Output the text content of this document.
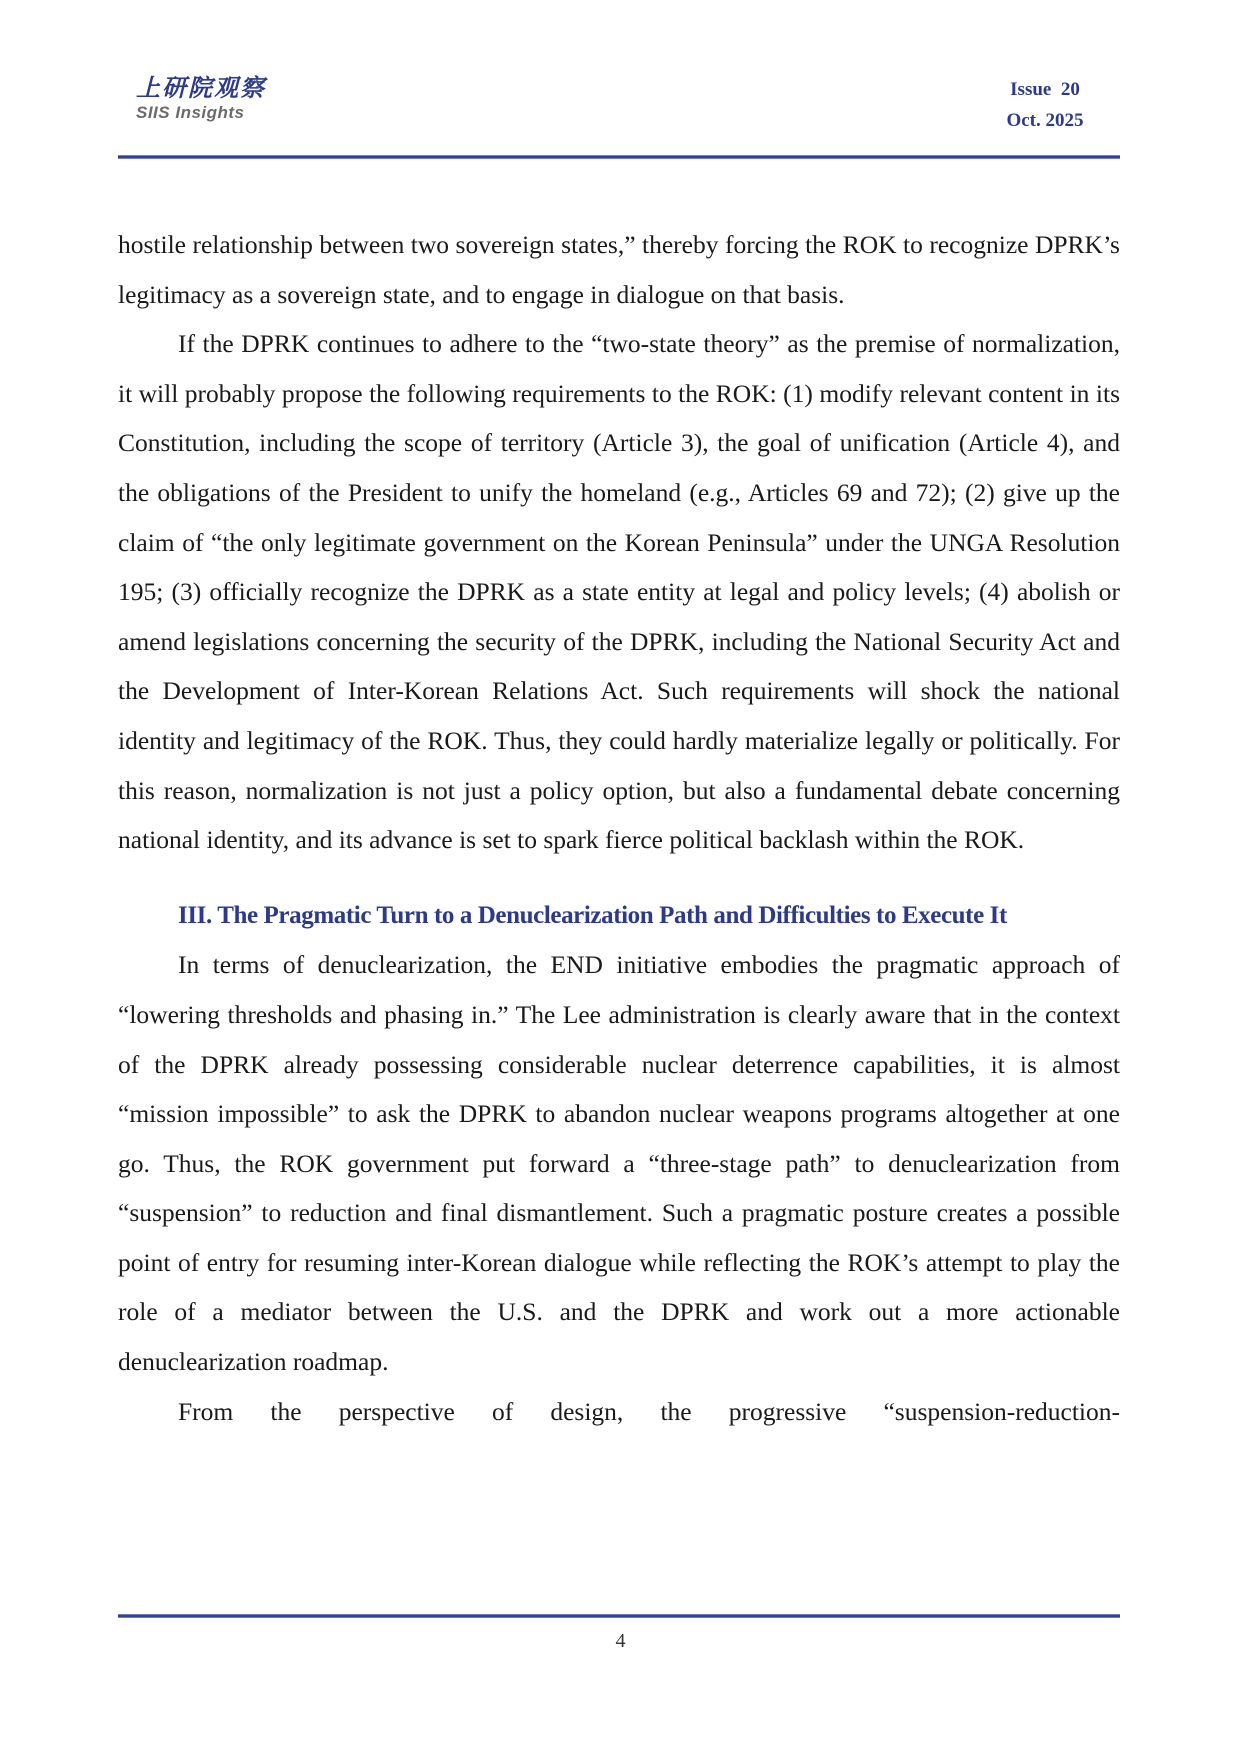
上研院观察
SIIS Insights
Issue  20
Oct. 2025

hostile relationship between two sovereign states,” thereby forcing the ROK to recognize DPRK’s legitimacy as a sovereign state, and to engage in dialogue on that basis.

If the DPRK continues to adhere to the “two-state theory” as the premise of normalization, it will probably propose the following requirements to the ROK: (1) modify relevant content in its Constitution, including the scope of territory (Article 3), the goal of unification (Article 4), and the obligations of the President to unify the homeland (e.g., Articles 69 and 72); (2) give up the claim of “the only legitimate government on the Korean Peninsula” under the UNGA Resolution 195; (3) officially recognize the DPRK as a state entity at legal and policy levels; (4) abolish or amend legislations concerning the security of the DPRK, including the National Security Act and the Development of Inter-Korean Relations Act. Such requirements will shock the national identity and legitimacy of the ROK. Thus, they could hardly materialize legally or politically. For this reason, normalization is not just a policy option, but also a fundamental debate concerning national identity, and its advance is set to spark fierce political backlash within the ROK.

III. The Pragmatic Turn to a Denuclearization Path and Difficulties to Execute It

In terms of denuclearization, the END initiative embodies the pragmatic approach of “lowering thresholds and phasing in.” The Lee administration is clearly aware that in the context of the DPRK already possessing considerable nuclear deterrence capabilities, it is almost “mission impossible” to ask the DPRK to abandon nuclear weapons programs altogether at one go. Thus, the ROK government put forward a “three-stage path” to denuclearization from “suspension” to reduction and final dismantlement. Such a pragmatic posture creates a possible point of entry for resuming inter-Korean dialogue while reflecting the ROK’s attempt to play the role of a mediator between the U.S. and the DPRK and work out a more actionable denuclearization roadmap.

From the perspective of design, the progressive “suspension-reduction-

4
